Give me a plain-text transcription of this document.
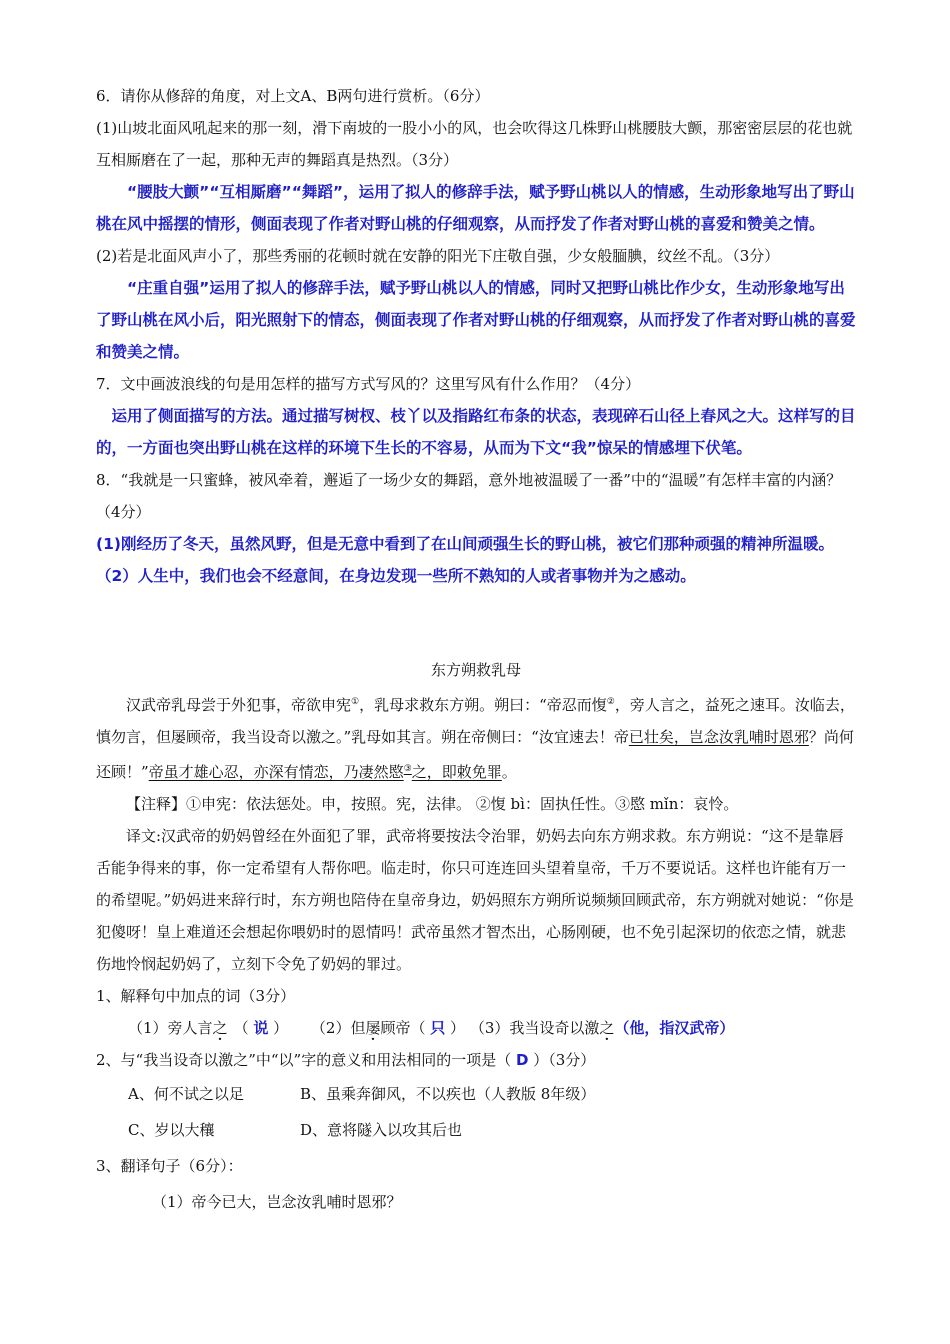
6．请你从修辞的角度，对上文A、B两句进行赏析。（6分）
(1)山坡北面风吼起来的那一刻，滑下南坡的一股小小的风，也会吹得这几株野山桃腰肢大颤，那密密层层的花也就互相厮磨在了一起，那种无声的舞蹈真是热烈。（3分）
“腰肢大颤”“互相厮磨”“舞蹈”，运用了拟人的修辞手法，赋予野山桃以人的情感，生动形象地写出了野山桃在风中摇摆的情形，侧面表现了作者对野山桃的仔细观察，从而抒发了作者对野山桃的喜爱和赞美之情。
(2)若是北面风声小了，那些秀丽的花顿时就在安静的阳光下庄敬自强，少女般腼腆，纹丝不乱。（3分）
“庄重自强”运用了拟人的修辞手法，赋予野山桃以人的情感，同时又把野山桃比作少女，生动形象地写出了野山桃在风小后，阳光照射下的情态，侧面表现了作者对野山桃的仔细观察，从而抒发了作者对野山桃的喜爱和赞美之情。
7．文中画波浪线的句是用怎样的描写方式写风的？这里写风有什么作用？（4分）
运用了侧面描写的方法。通过描写树杈、枝丫以及指路红布条的状态，表现碎石山径上春风之大。这样写的目的，一方面也突出野山桃在这样的环境下生长的不容易，从而为下文“我”惊呆的情感埋下伏笔。
8．“我就是一只蜜蜂，被风牵着，邂逅了一场少女的舞蹈，意外地被温暖了一番”中的“温暖”有怎样丰富的内涵？（4分）
(1)刚经历了冬天，虽然风野，但是无意中看到了在山间顽强生长的野山桃，被它们那种顽强的精神所温暖。（2）人生中，我们也会不经意间，在身边发现一些所不熟知的人或者事物并为之感动。
东方朔救乳母
汉武帝乳母尝于外犯事，帝欲申宪①，乳母求救东方朔。朔曰：“帝忍而愎②，旁人言之，益死之速耳。汝临去，慎勿言，但屡顾帝，我当设奇以激之。”乳母如其言。朔在帝侧曰：“汝宜速去！帝已壮矣，岂念汝乳哺时恩邪？尚何还顾！”帝虽才雄心忍，亦深有情恋，乃凄然愍③之，即敕免罪。
【注释】①申宪：依法惩处。申，按照。宪，法律。 ②愎 bì：固执任性。③愍 mǐn：哀怜。
译文:汉武帝的奶妈曾经在外面犯了罪，武帝将要按法令治罪，奶妈去向东方朔求救。东方朔说：“这不是靠唇舌能争得来的事，你一定希望有人帮你吧。临走时，你只可连连回头望着皇帝，千万不要说话。这样也许能有万一的希望呢。”奶妈进来辞行时，东方朔也陪侍在皇帝身边，奶妈照东方朔所说频频回顾武帝，东方朔就对她说：“你是犯傻呀！皇上难道还会想起你喂奶时的恩情吗！武帝虽然才智杰出，心肠刚硬，也不免引起深切的依恋之情，就悲伤地怜悯起奶妈了，立刻下令免了奶妈的罪过。
1、解释句中加点的词（3分）
（1）旁人言之 （ 说 ） （2）但屡顾帝（ 只 ） （3）我当设奇以激之（他，指汉武帝）
2、与“我当设奇以激之”中“以”字的意义和用法相同的一项是（ D ）（3分）
A、何不试之以足	B、虽乘奔御风，不以疾也（人教版 8年级）
C、岁以大穰	D、意将隧入以攻其后也
3、翻译句子（6分）：
（1）帝今已大，岂念汝乳哺时恩邪？
